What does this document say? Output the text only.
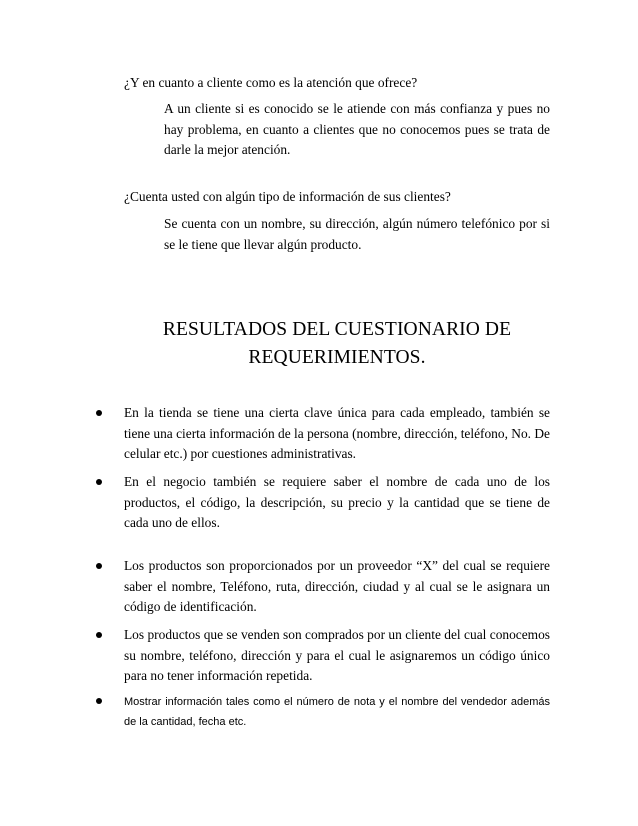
¿Y en cuanto a cliente como es la atención que ofrece?
A un cliente si es conocido se le atiende con más confianza y pues no hay problema, en cuanto a clientes que no conocemos pues se trata de darle la mejor atención.
¿Cuenta usted con algún tipo de información de sus clientes?
Se cuenta con un nombre, su dirección, algún número telefónico por si se le tiene que llevar algún producto.
RESULTADOS DEL CUESTIONARIO DE REQUERIMIENTOS.
En la tienda se tiene una cierta clave única para cada empleado, también se tiene una cierta información de la persona (nombre, dirección, teléfono, No. De celular etc.) por cuestiones administrativas.
En el negocio también se requiere saber el nombre de cada uno de los productos, el código, la descripción, su precio y la cantidad que se tiene de cada uno de ellos.
Los productos son proporcionados por un proveedor “X” del cual se requiere saber el nombre, Teléfono, ruta, dirección, ciudad y al cual se le asignara un código de identificación.
Los productos que se venden son comprados por un cliente del cual conocemos su nombre, teléfono, dirección y para el cual le asignaremos un código único para no tener información repetida.
Mostrar información tales como el número de nota y el nombre del vendedor además de la cantidad, fecha etc.
